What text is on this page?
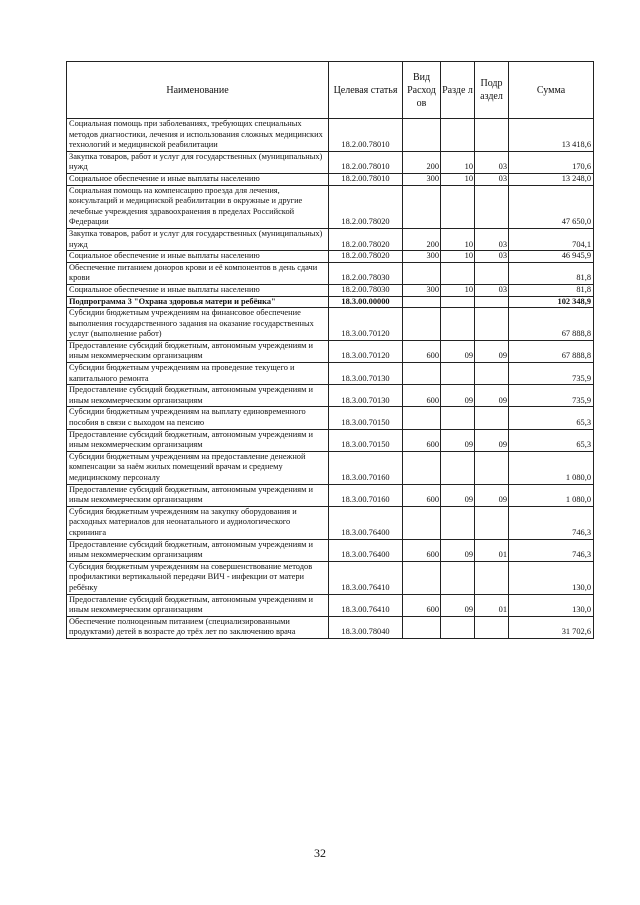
Наименование	Целевая статья	Вид Расход ов	Разде л	Подр аздел	Сумма
Социальная помощь при заболеваниях, требующих специальных методов диагностики, лечения и использования сложных медицинских технологий и медицинской реабилитации	18.2.00.78010				13 418,6
Закупка товаров, работ и услуг для государственных (муниципальных) нужд	18.2.00.78010	200	10	03	170,6
Социальное обеспечение и иные выплаты населению	18.2.00.78010	300	10	03	13 248,0
Социальная помощь на компенсацию проезда для лечения, консультаций и медицинской реабилитации в окружные и другие лечебные учреждения здравоохранения в пределах Российской Федерации	18.2.00.78020				47 650,0
Закупка товаров, работ и услуг для государственных (муниципальных) нужд	18.2.00.78020	200	10	03	704,1
Социальное обеспечение и иные выплаты населению	18.2.00.78020	300	10	03	46 945,9
Обеспечение питанием доноров крови и её компонентов в день сдачи крови	18.2.00.78030				81,8
Социальное обеспечение и иные выплаты населению	18.2.00.78030	300	10	03	81,8
Подпрограмма 3 "Охрана здоровья матери и ребёнка"	18.3.00.00000				102 348,9
Субсидии бюджетным учреждениям на финансовое обеспечение выполнения государственного задания на оказание государственных услуг (выполнение работ)	18.3.00.70120				67 888,8
Предоставление субсидий бюджетным, автономным учреждениям и иным некоммерческим организациям	18.3.00.70120	600	09	09	67 888,8
Субсидии бюджетным учреждениям на проведение текущего и капитального ремонта	18.3.00.70130				735,9
Предоставление субсидий бюджетным, автономным учреждениям и иным некоммерческим организациям	18.3.00.70130	600	09	09	735,9
Субсидии бюджетным учреждениям на выплату единовременного пособия в связи с выходом на пенсию	18.3.00.70150				65,3
Предоставление субсидий бюджетным, автономным учреждениям и иным некоммерческим организациям	18.3.00.70150	600	09	09	65,3
Субсидии бюджетным учреждениям на предоставление денежной компенсации за наём жилых помещений врачам и среднему медицинскому персоналу	18.3.00.70160				1 080,0
Предоставление субсидий бюджетным, автономным учреждениям и иным некоммерческим организациям	18.3.00.70160	600	09	09	1 080,0
Субсидия бюджетным учреждениям на закупку оборудования и расходных материалов для неонатального и аудиологического скрининга	18.3.00.76400				746,3
Предоставление субсидий бюджетным, автономным учреждениям и иным некоммерческим организациям	18.3.00.76400	600	09	01	746,3
Субсидия бюджетным учреждениям на совершенствование методов профилактики вертикальной передачи ВИЧ - инфекции от матери ребёнку	18.3.00.76410				130,0
Предоставление субсидий бюджетным, автономным учреждениям и иным некоммерческим организациям	18.3.00.76410	600	09	01	130,0
Обеспечение полноценным питанием (специализированными продуктами) детей в возрасте до трёх лет по заключению врача	18.3.00.78040				31 702,6
32
